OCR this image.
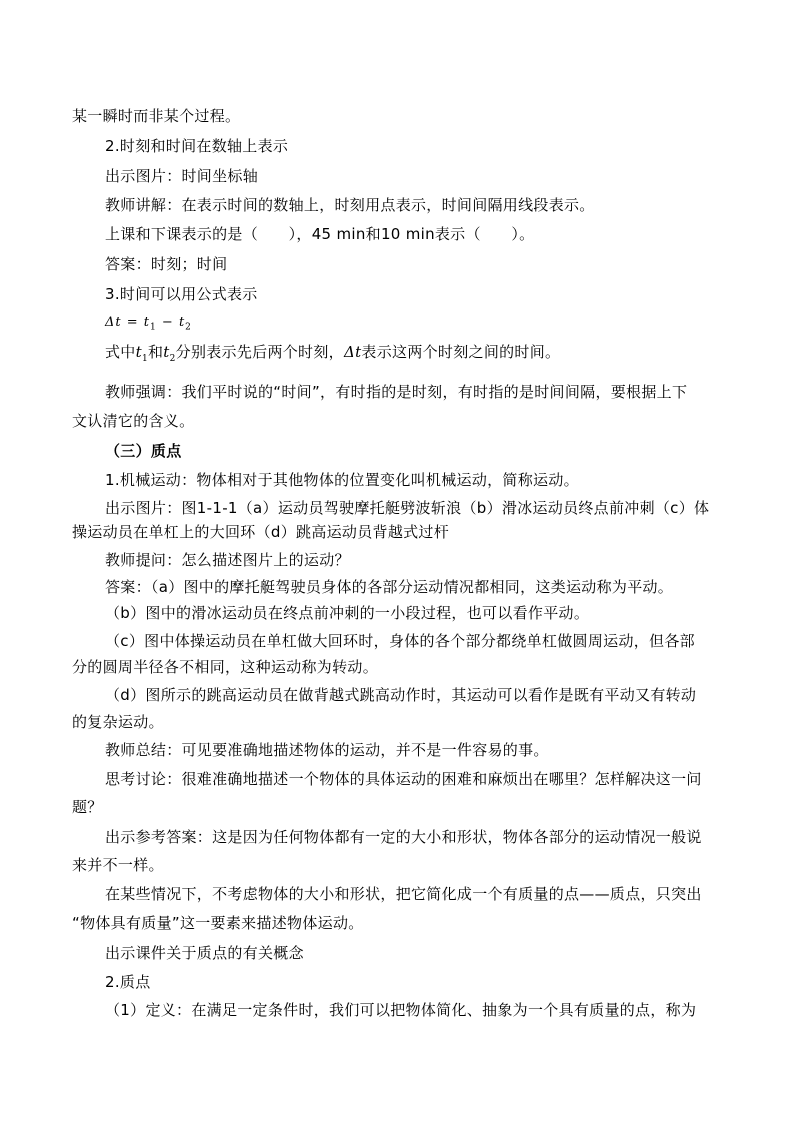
某一瞬时而非某个过程。
2.时刻和时间在数轴上表示
出示图片：时间坐标轴
教师讲解：在表示时间的数轴上，时刻用点表示，时间间隔用线段表示。
上课和下课表示的是（　　），45 min和10 min表示（　　）。
答案：时刻；时间
3.时间可以用公式表示
$\Delta t = t_1 - t_2$
式中$t_1$和$t_2$分别表示先后两个时刻，Δt表示这两个时刻之间的时间。
教师强调：我们平时说的“时间”，有时指的是时刻，有时指的是时间间隔，要根据上下
文认清它的含义。
（三）质点
1.机械运动：物体相对于其他物体的位置变化叫机械运动，简称运动。
出示图片：图1-1-1（a）运动员驾驶摩托艇劈波斩浪（b）滑冰运动员终点前冲刺（c）体
操运动员在单杠上的大回环（d）跳高运动员背越式过杆
教师提问：怎么描述图片上的运动？
答案：（a）图中的摩托艇驾驶员身体的各部分运动情况都相同，这类运动称为平动。
（b）图中的滑冰运动员在终点前冲刺的一小段过程，也可以看作平动。
（c）图中体操运动员在单杠做大回环时，身体的各个部分都绕单杠做圆周运动，但各部
分的圆周半径各不相同，这种运动称为转动。
（d）图所示的跳高运动员在做背越式跳高动作时，其运动可以看作是既有平动又有转动
的复杂运动。
教师总结：可见要准确地描述物体的运动，并不是一件容易的事。
思考讨论：很难准确地描述一个物体的具体运动的困难和麻烦出在哪里？怎样解决这一问
题？
出示参考答案：这是因为任何物体都有一定的大小和形状，物体各部分的运动情况一般说
来并不一样。
在某些情况下，不考虑物体的大小和形状，把它简化成一个有质量的点——质点，只突出
“物体具有质量”这一要素来描述物体运动。
出示课件关于质点的有关概念
2.质点
（1）定义：在满足一定条件时，我们可以把物体简化、抽象为一个具有质量的点，称为
